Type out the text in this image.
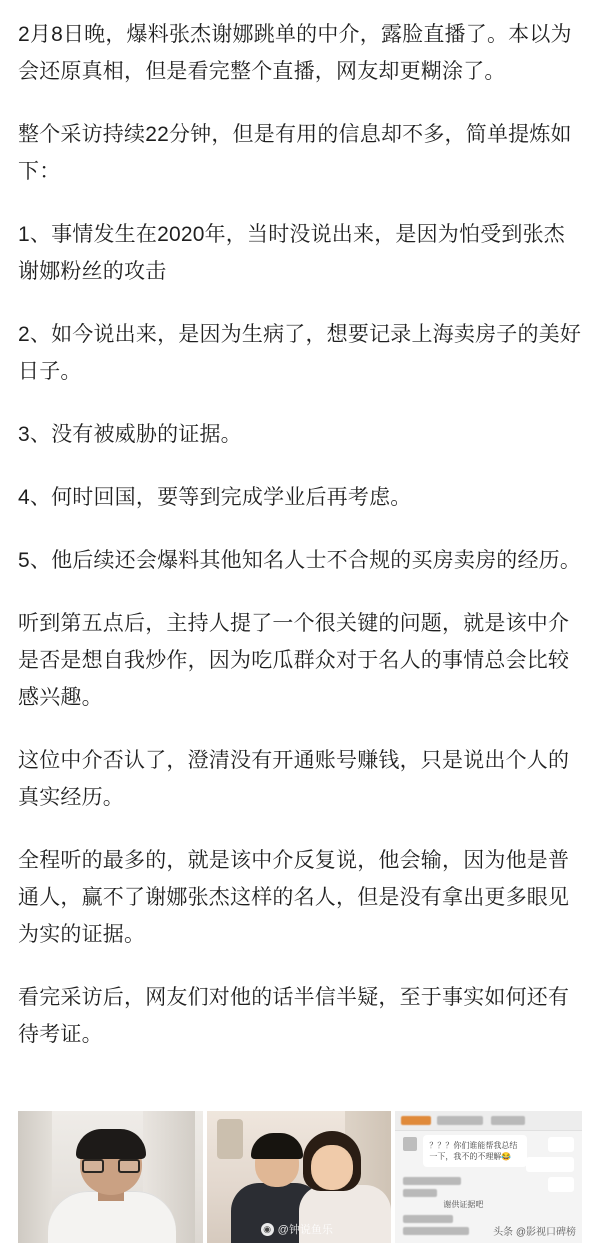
2月8日晚，爆料张杰谢娜跳单的中介，露脸直播了。本以为会还原真相，但是看完整个直播，网友却更糊涂了。

整个采访持续22分钟，但是有用的信息却不多，简单提炼如下：

1、事情发生在2020年，当时没说出来，是因为怕受到张杰谢娜粉丝的攻击

2、如今说出来，是因为生病了，想要记录上海卖房子的美好日子。

3、没有被威胁的证据。

4、何时回国，要等到完成学业后再考虑。

5、他后续还会爆料其他知名人士不合规的买房卖房的经历。

听到第五点后，主持人提了一个很关键的问题，就是该中介是否是想自我炒作，因为吃瓜群众对于名人的事情总会比较感兴趣。

这位中介否认了，澄清没有开通账号赚钱，只是说出个人的真实经历。

全程听的最多的，就是该中介反复说，他会输，因为他是普通人，赢不了谢娜张杰这样的名人，但是没有拿出更多眼见为实的证据。

看完采访后，网友们对他的话半信半疑，至于事实如何还有待考证。

◉ @钟说鱼乐
？？？你们谁能帮我总结一下，我不的不理解😂
谢供证据吧
头条 @影视口碑榜
